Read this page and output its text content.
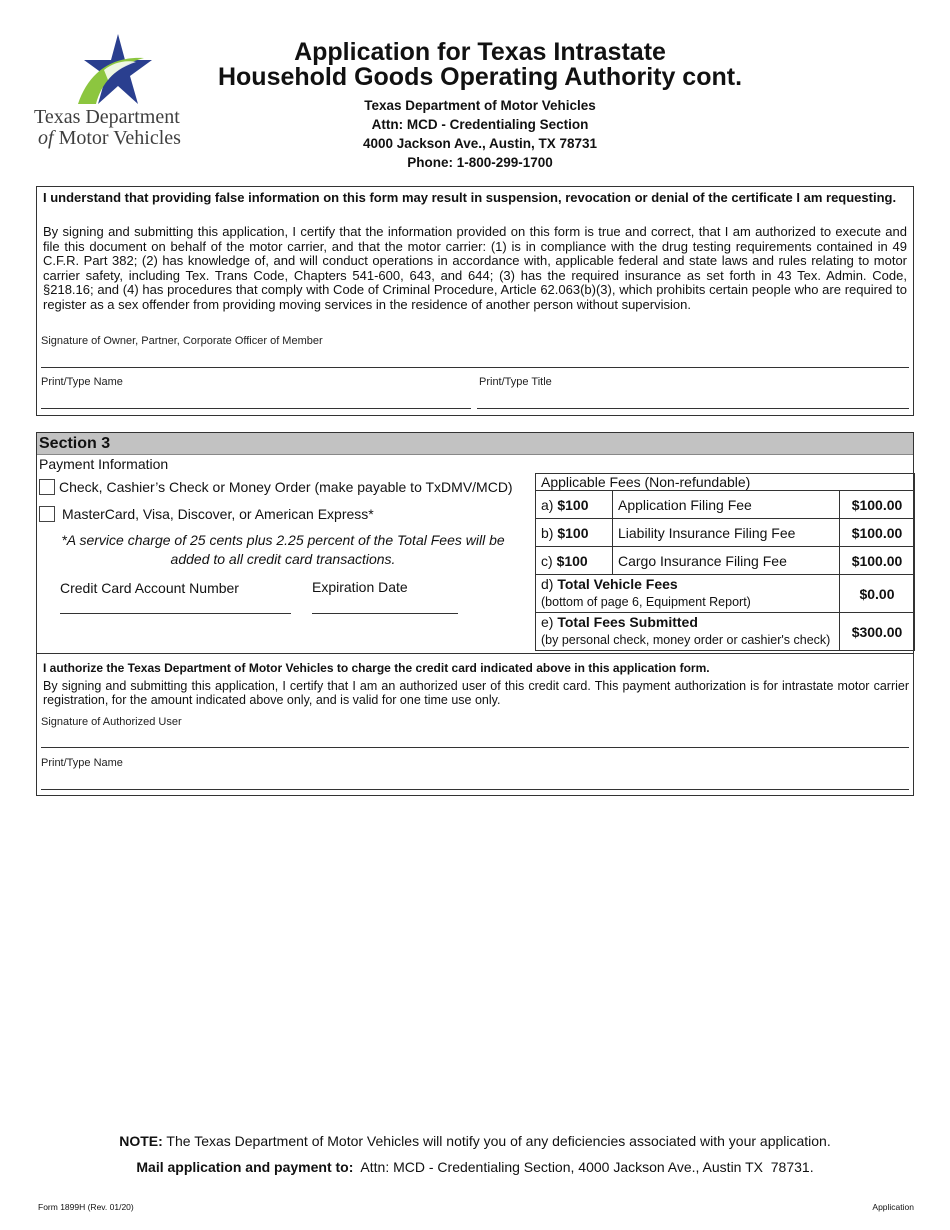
Texas Department
of Motor Vehicles
Application for Texas Intrastate
Household Goods Operating Authority cont.
Texas Department of Motor Vehicles
Attn: MCD - Credentialing Section
4000 Jackson Ave., Austin, TX 78731
Phone: 1-800-299-1700
I understand that providing false information on this form may result in suspension, revocation or denial of the certificate I am requesting.
By signing and submitting this application, I certify that the information provided on this form is true and correct, that I am authorized to execute and file this document on behalf of the motor carrier, and that the motor carrier: (1) is in compliance with the drug testing requirements contained in 49 C.F.R. Part 382; (2) has knowledge of, and will conduct operations in accordance with, applicable federal and state laws and rules relating to motor carrier safety, including Tex. Trans Code, Chapters 541-600, 643, and 644; (3) has the required insurance as set forth in 43 Tex. Admin. Code, §218.16; and (4) has procedures that comply with Code of Criminal Procedure, Article 62.063(b)(3), which prohibits certain people who are required to register as a sex offender from providing moving services in the residence of another person without supervision.
Signature of Owner, Partner, Corporate Officer of Member
Print/Type Name	Print/Type Title
Section 3
Payment Information
Check, Cashier’s Check or Money Order (make payable to TxDMV/MCD)
MasterCard, Visa, Discover, or American Express*
*A service charge of 25 cents plus 2.25 percent of the Total Fees will be added to all credit card transactions.
Credit Card Account Number	Expiration Date
Applicable Fees (Non-refundable)		
a) $100	Application Filing Fee	$100.00
b) $100	Liability Insurance Filing Fee	$100.00
c) $100	Cargo Insurance Filing Fee	$100.00
d) Total Vehicle Fees
(bottom of page 6, Equipment Report)		$0.00
e) Total Fees Submitted
(by personal check, money order or cashier's check)		$300.00
I authorize the Texas Department of Motor Vehicles to charge the credit card indicated above in this application form.
By signing and submitting this application, I certify that I am an authorized user of this credit card. This payment authorization is for intrastate motor carrier registration, for the amount indicated above only, and is valid for one time use only.
Signature of Authorized User
Print/Type Name
NOTE: The Texas Department of Motor Vehicles will notify you of any deficiencies associated with your application.
Mail application and payment to:  Attn: MCD - Credentialing Section, 4000 Jackson Ave., Austin TX  78731.
Form 1899H (Rev. 01/20)	Application
